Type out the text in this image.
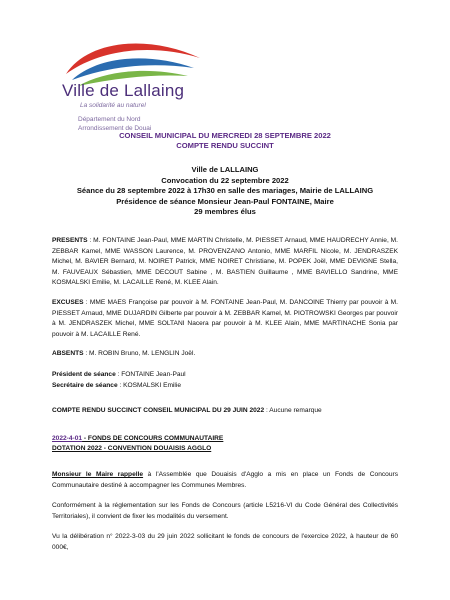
Ville de Lallaing
La solidarité au naturel
Département du Nord
Arrondissement de Douai
CONSEIL MUNICIPAL DU MERCREDI 28 SEPTEMBRE 2022
COMPTE RENDU SUCCINT
Ville de LALLAING
Convocation du 22 septembre 2022
Séance du 28 septembre 2022 à 17h30 en salle des mariages, Mairie de LALLAING
Présidence de séance Monsieur Jean-Paul FONTAINE, Maire
29 membres élus
PRESENTS : M. FONTAINE Jean-Paul, MME MARTIN Christelle, M. PIESSET Arnaud, MME HAUDRECHY Annie, M. ZEBBAR Kamel, MME WASSON Laurence, M. PROVENZANO Antonio, MME MARFIL Nicole, M. JENDRASZEK Michel, M. BAVIER Bernard, M. NOIRET Patrick, MME NOIRET Christiane, M. POPEK Joël, MME DEVIGNE Stella, M. FAUVEAUX Sébastien, MME DECOUT Sabine , M. BASTIEN Guillaume , MME BAVIELLO Sandrine, MME KOSMALSKI Emilie, M. LACAILLE René, M. KLEE Alain.
EXCUSES : MME MAES Françoise par pouvoir à M. FONTAINE Jean-Paul, M. DANCOINE Thierry par pouvoir à M. PIESSET Arnaud, MME DUJARDIN Gilberte par pouvoir à M. ZEBBAR Kamel, M. PIOTROWSKI Georges par pouvoir à M. JENDRASZEK Michel, MME SOLTANI Nacera par pouvoir à M. KLEE Alain, MME MARTINACHE Sonia par pouvoir à M. LACAILLE René.
ABSENTS : M. ROBIN Bruno, M. LENGLIN Joël.
Président de séance : FONTAINE Jean-Paul
Secrétaire de séance : KOSMALSKI Emilie
COMPTE RENDU SUCCINCT CONSEIL MUNICIPAL DU 29 JUIN 2022 : Aucune remarque
2022-4-01 - FONDS DE CONCOURS COMMUNAUTAIRE
DOTATION 2022 - CONVENTION DOUAISIS AGGLO
Monsieur le Maire rappelle à l'Assemblée que Douaisis d'Agglo a mis en place un Fonds de Concours Communautaire destiné à accompagner les Communes Membres.
Conformément à la réglementation sur les Fonds de Concours (article L5216-VI du Code Général des Collectivités Territoriales), il convient de fixer les modalités du versement.
Vu la délibération n° 2022-3-03 du 29 juin 2022 sollicitant le fonds de concours de l'exercice 2022, à hauteur de 60 000€,
